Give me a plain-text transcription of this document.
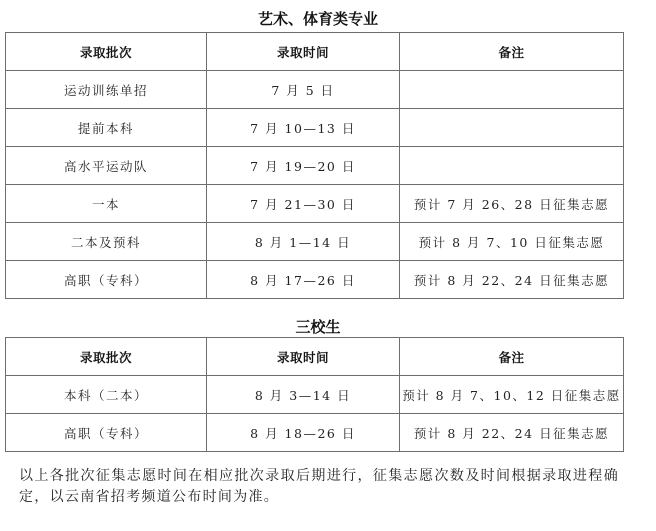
艺术、体育类专业
录取批次	录取时间	备注
运动训练单招	7 月 5 日	
提前本科	7 月 10—13 日	
高水平运动队	7 月 19—20 日	
一本	7 月 21—30 日	预计 7 月 26、28 日征集志愿
二本及预科	8 月 1—14 日	预计 8 月 7、10 日征集志愿
高职（专科）	8 月 17—26 日	预计 8 月 22、24 日征集志愿
三校生
录取批次	录取时间	备注
本科（二本）	8 月 3—14 日	预计 8 月 7、10、12 日征集志愿
高职（专科）	8 月 18—26 日	预计 8 月 22、24 日征集志愿
以上各批次征集志愿时间在相应批次录取后期进行，征集志愿次数及时间根据录取进程确定，以云南省招考频道公布时间为准。
